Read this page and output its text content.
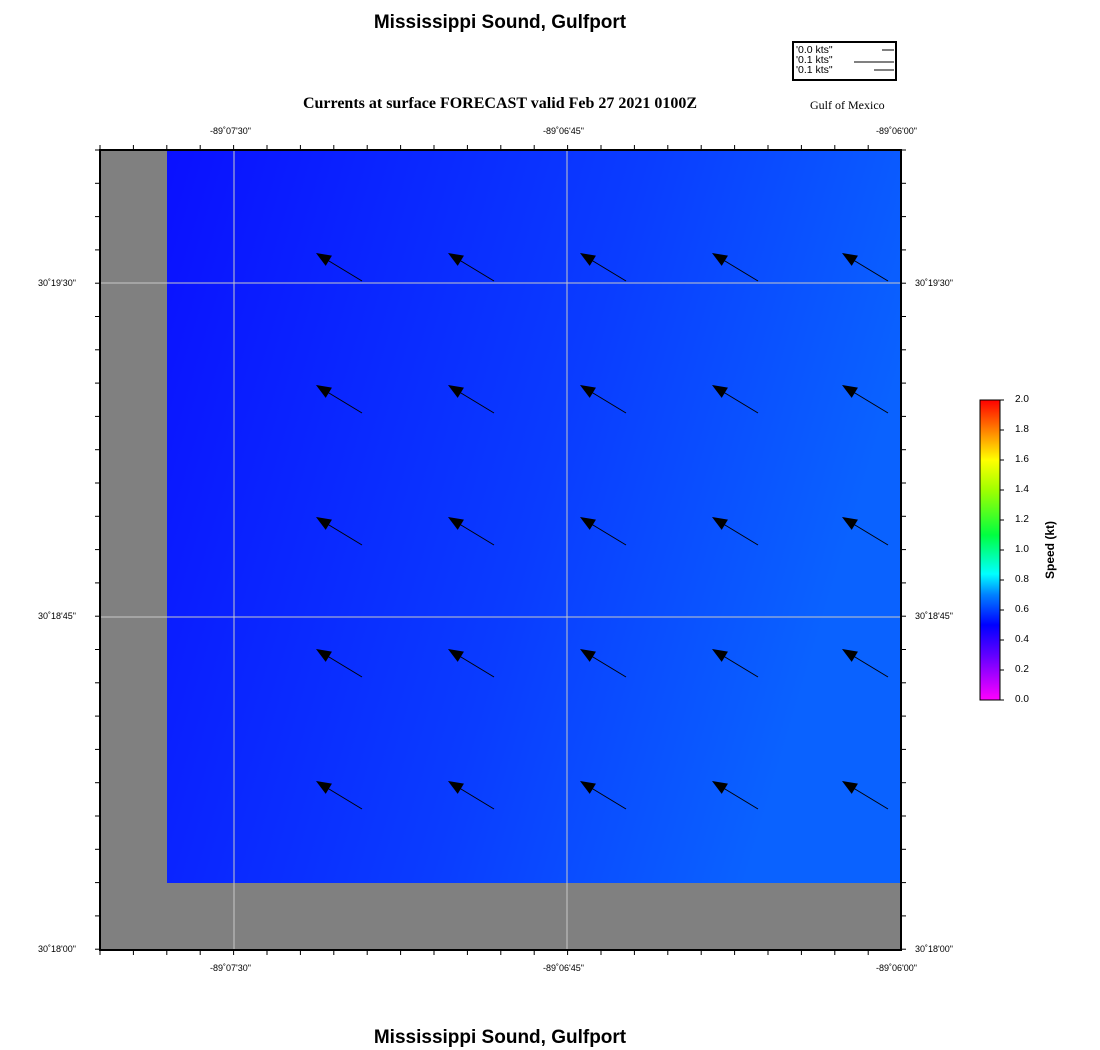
Mississippi Sound, Gulfport
Currents at surface FORECAST valid Feb 27 2021 0100Z	Gulf of Mexico
Mississippi Sound, Gulfport
'0.0 kts"
'0.1 kts"
'0.1 kts"
-89˚07'30"	-89˚06'45"	-89˚06'00"
-89˚07'30"	-89˚06'45"	-89˚06'00"
30˚19'30"
30˚18'45"
30˚18'00"
30˚19'30"
30˚18'45"
30˚18'00"
2.0
1.8
1.6
1.4
1.2
1.0
0.8
0.6
0.4
0.2
0.0
Speed (kt)
